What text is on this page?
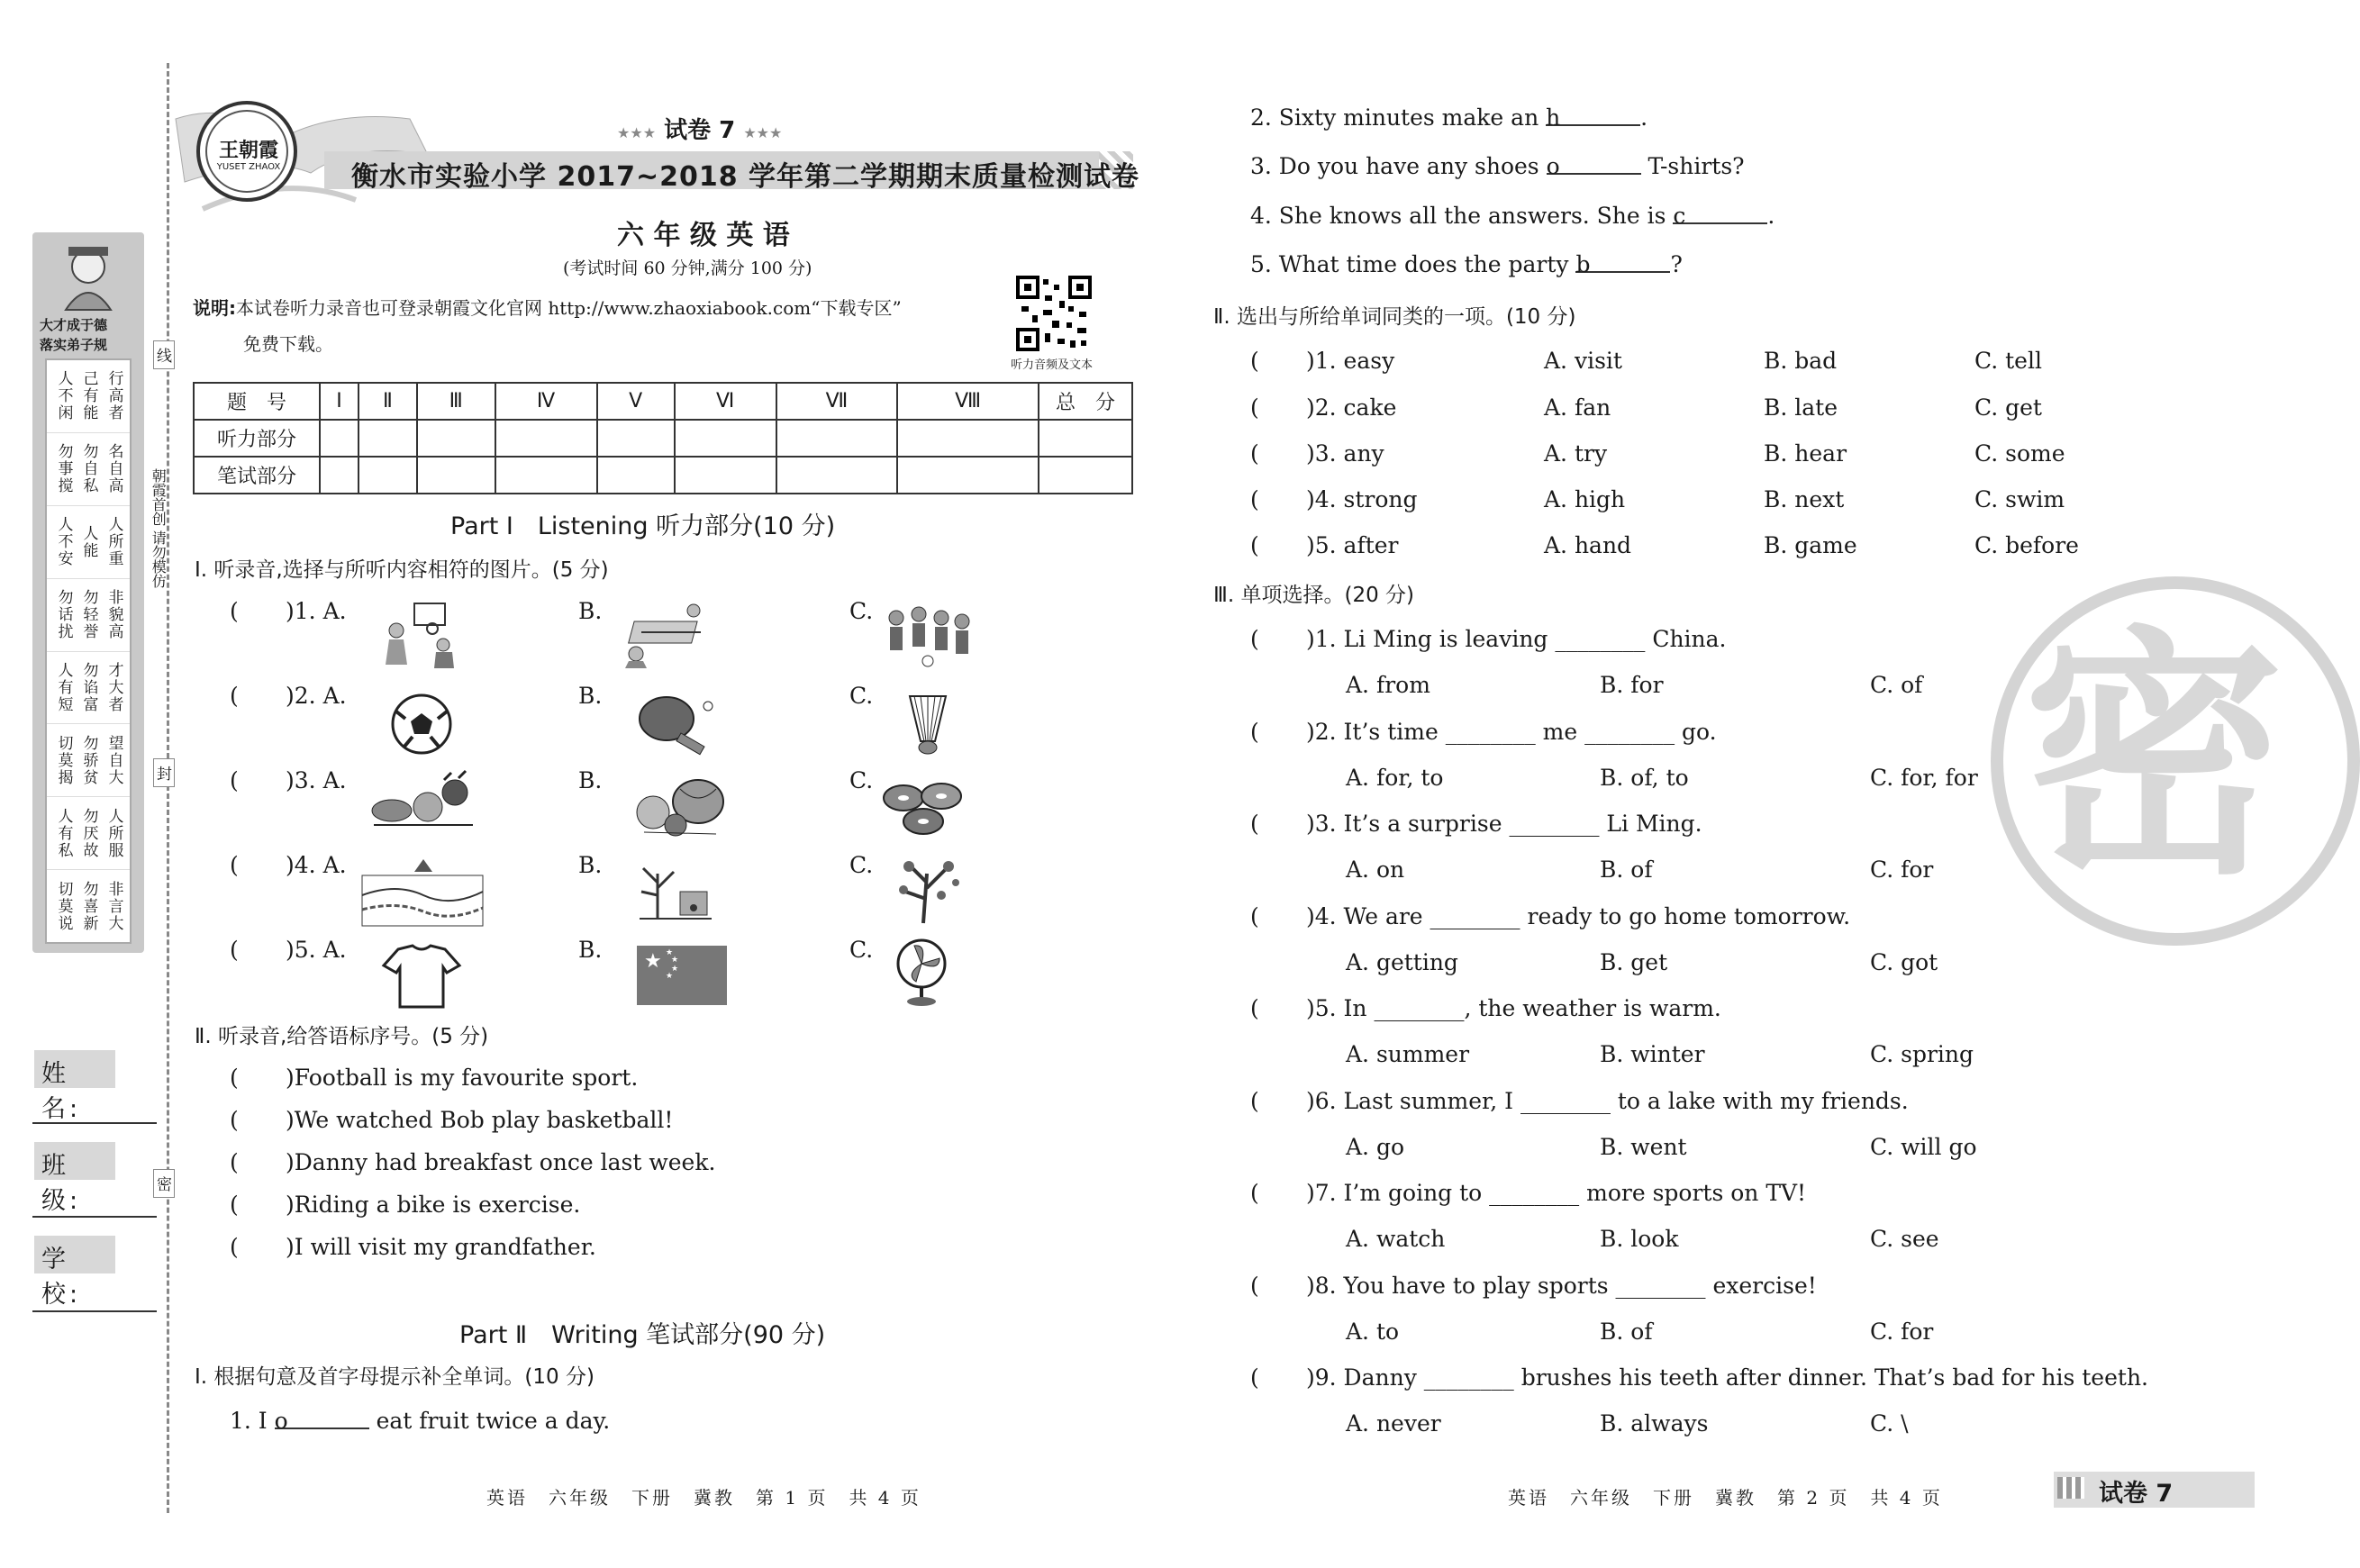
大才成于德
落实弟子规
人不闲 己有能 行高者
勿事搅 勿自私 名自高
人不安 人能 人所重
勿话扰 勿轻誉 非貌高
人有短 勿谄富 才大者
切莫揭 勿骄贫 望自大
人有私 勿厌故 人所服
切莫说 勿喜新 非言大
线
朝霞首创 请勿模仿
封
密
姓 名:
班 级:
学 校:
王朝霞
YUSET ZHAOX
★★★ 试卷 7 ★★★
衡水市实验小学 2017~2018 学年第二学期期末质量检测试卷
六 年 级 英 语
(考试时间 60 分钟,满分 100 分)
说明:本试卷听力录音也可登录朝霞文化官网 http://www.zhaoxiabook.com“下载专区”
免费下载。
听力音频及文本
题　号	Ⅰ	Ⅱ	Ⅲ	Ⅳ	Ⅴ	Ⅵ	Ⅶ	Ⅷ	总　分
听力部分									
笔试部分									
Part Ⅰ　Listening 听力部分(10 分)
Ⅰ. 听录音,选择与所听内容相符的图片。(5 分)
( )1. A.	B.	C.
( )2. A.	B.	C.
( )3. A.	B.	C.
( )4. A.	B.	C.
( )5. A.	B.	C.
★ ★
★
★
★
Ⅱ. 听录音,给答语标序号。(5 分)
( )Football is my favourite sport.
( )We watched Bob play basketball!
( )Danny had breakfast once last week.
( )Riding a bike is exercise.
( )I will visit my grandfather.
Part Ⅱ　Writing 笔试部分(90 分)
Ⅰ. 根据句意及首字母提示补全单词。(10 分)
1. I o	eat fruit twice a day.
2. Sixty minutes make an h	.
3. Do you have any shoes o	T-shirts?
4. She knows all the answers. She is c	.
5. What time does the party b	?
Ⅱ. 选出与所给单词同类的一项。(10 分)
( )1. easy	A. visit	B. bad	C. tell
( )2. cake	A. fan	B. late	C. get
( )3. any	A. try	B. hear	C. some
( )4. strong	A. high	B. next	C. swim
( )5. after	A. hand	B. game	C. before
Ⅲ. 单项选择。(20 分)
( )1. Li Ming is leaving ________ China.
A. from	B. for	C. of
( )2. It’s time ________ me ________ go.
A. for, to	B. of, to	C. for, for
( )3. It’s a surprise ________ Li Ming.
A. on	B. of	C. for
( )4. We are ________ ready to go home tomorrow.
A. getting	B. get	C. got
( )5. In ________, the weather is warm.
A. summer	B. winter	C. spring
( )6. Last summer, I ________ to a lake with my friends.
A. go	B. went	C. will go
( )7. I’m going to ________ more sports on TV!
A. watch	B. look	C. see
( )8. You have to play sports ________ exercise!
A. to	B. of	C. for
( )9. Danny ________ brushes his teeth after dinner. That’s bad for his teeth.
A. never	B. always	C. \
密
英语　六年级　下册　冀教　第 1 页　共 4 页	英语　六年级　下册　冀教　第 2 页　共 4 页	试卷 7
